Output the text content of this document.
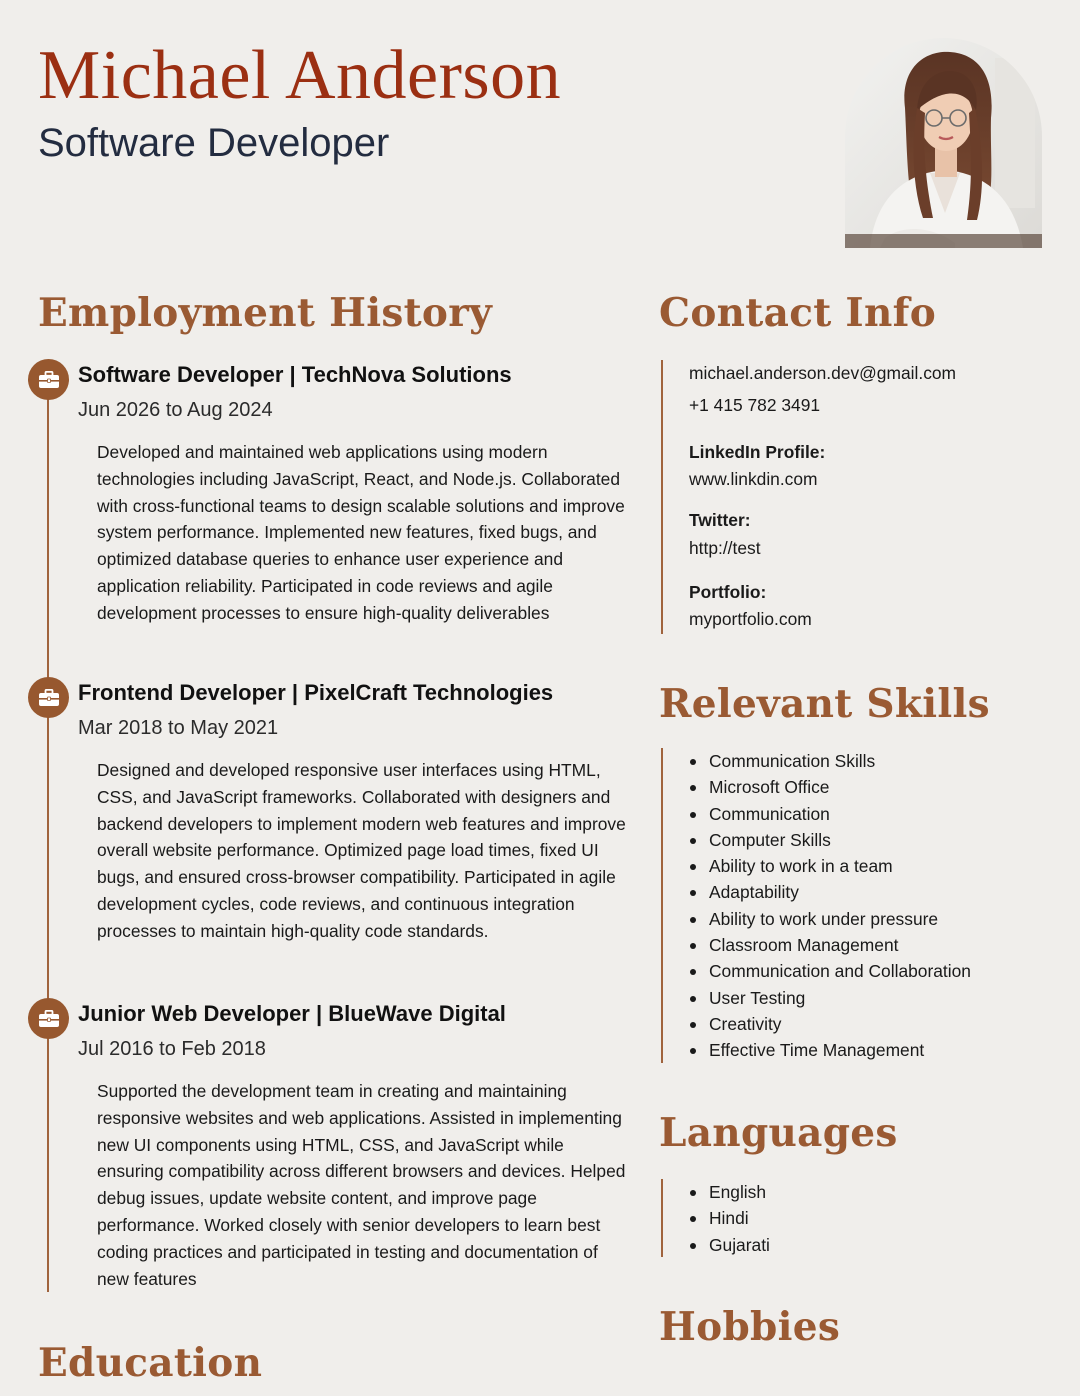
Michael Anderson
Software Developer
Employment History
Software Developer | TechNova Solutions
Jun 2026 to Aug 2024
Developed and maintained web applications using modern technologies including JavaScript, React, and Node.js. Collaborated with cross-functional teams to design scalable solutions and improve system performance. Implemented new features, fixed bugs, and optimized database queries to enhance user experience and application reliability. Participated in code reviews and agile development processes to ensure high-quality deliverables
Frontend Developer | PixelCraft Technologies
Mar 2018 to May 2021
Designed and developed responsive user interfaces using HTML, CSS, and JavaScript frameworks. Collaborated with designers and backend developers to implement modern web features and improve overall website performance. Optimized page load times, fixed UI bugs, and ensured cross-browser compatibility. Participated in agile development cycles, code reviews, and continuous integration processes to maintain high-quality code standards.
Junior Web Developer | BlueWave Digital
Jul 2016 to Feb 2018
Supported the development team in creating and maintaining responsive websites and web applications. Assisted in implementing new UI components using HTML, CSS, and JavaScript while ensuring compatibility across different browsers and devices. Helped debug issues, update website content, and improve page performance. Worked closely with senior developers to learn best coding practices and participated in testing and documentation of new features
Education
Contact Info
michael.anderson.dev@gmail.com
+1 415 782 3491
LinkedIn Profile:
www.linkdin.com
Twitter:
http://test
Portfolio:
myportfolio.com
Relevant Skills
Communication Skills
Microsoft Office
Communication
Computer Skills
Ability to work in a team
Adaptability
Ability to work under pressure
Classroom Management
Communication and Collaboration
User Testing
Creativity
Effective Time Management
Languages
English
Hindi
Gujarati
Hobbies
